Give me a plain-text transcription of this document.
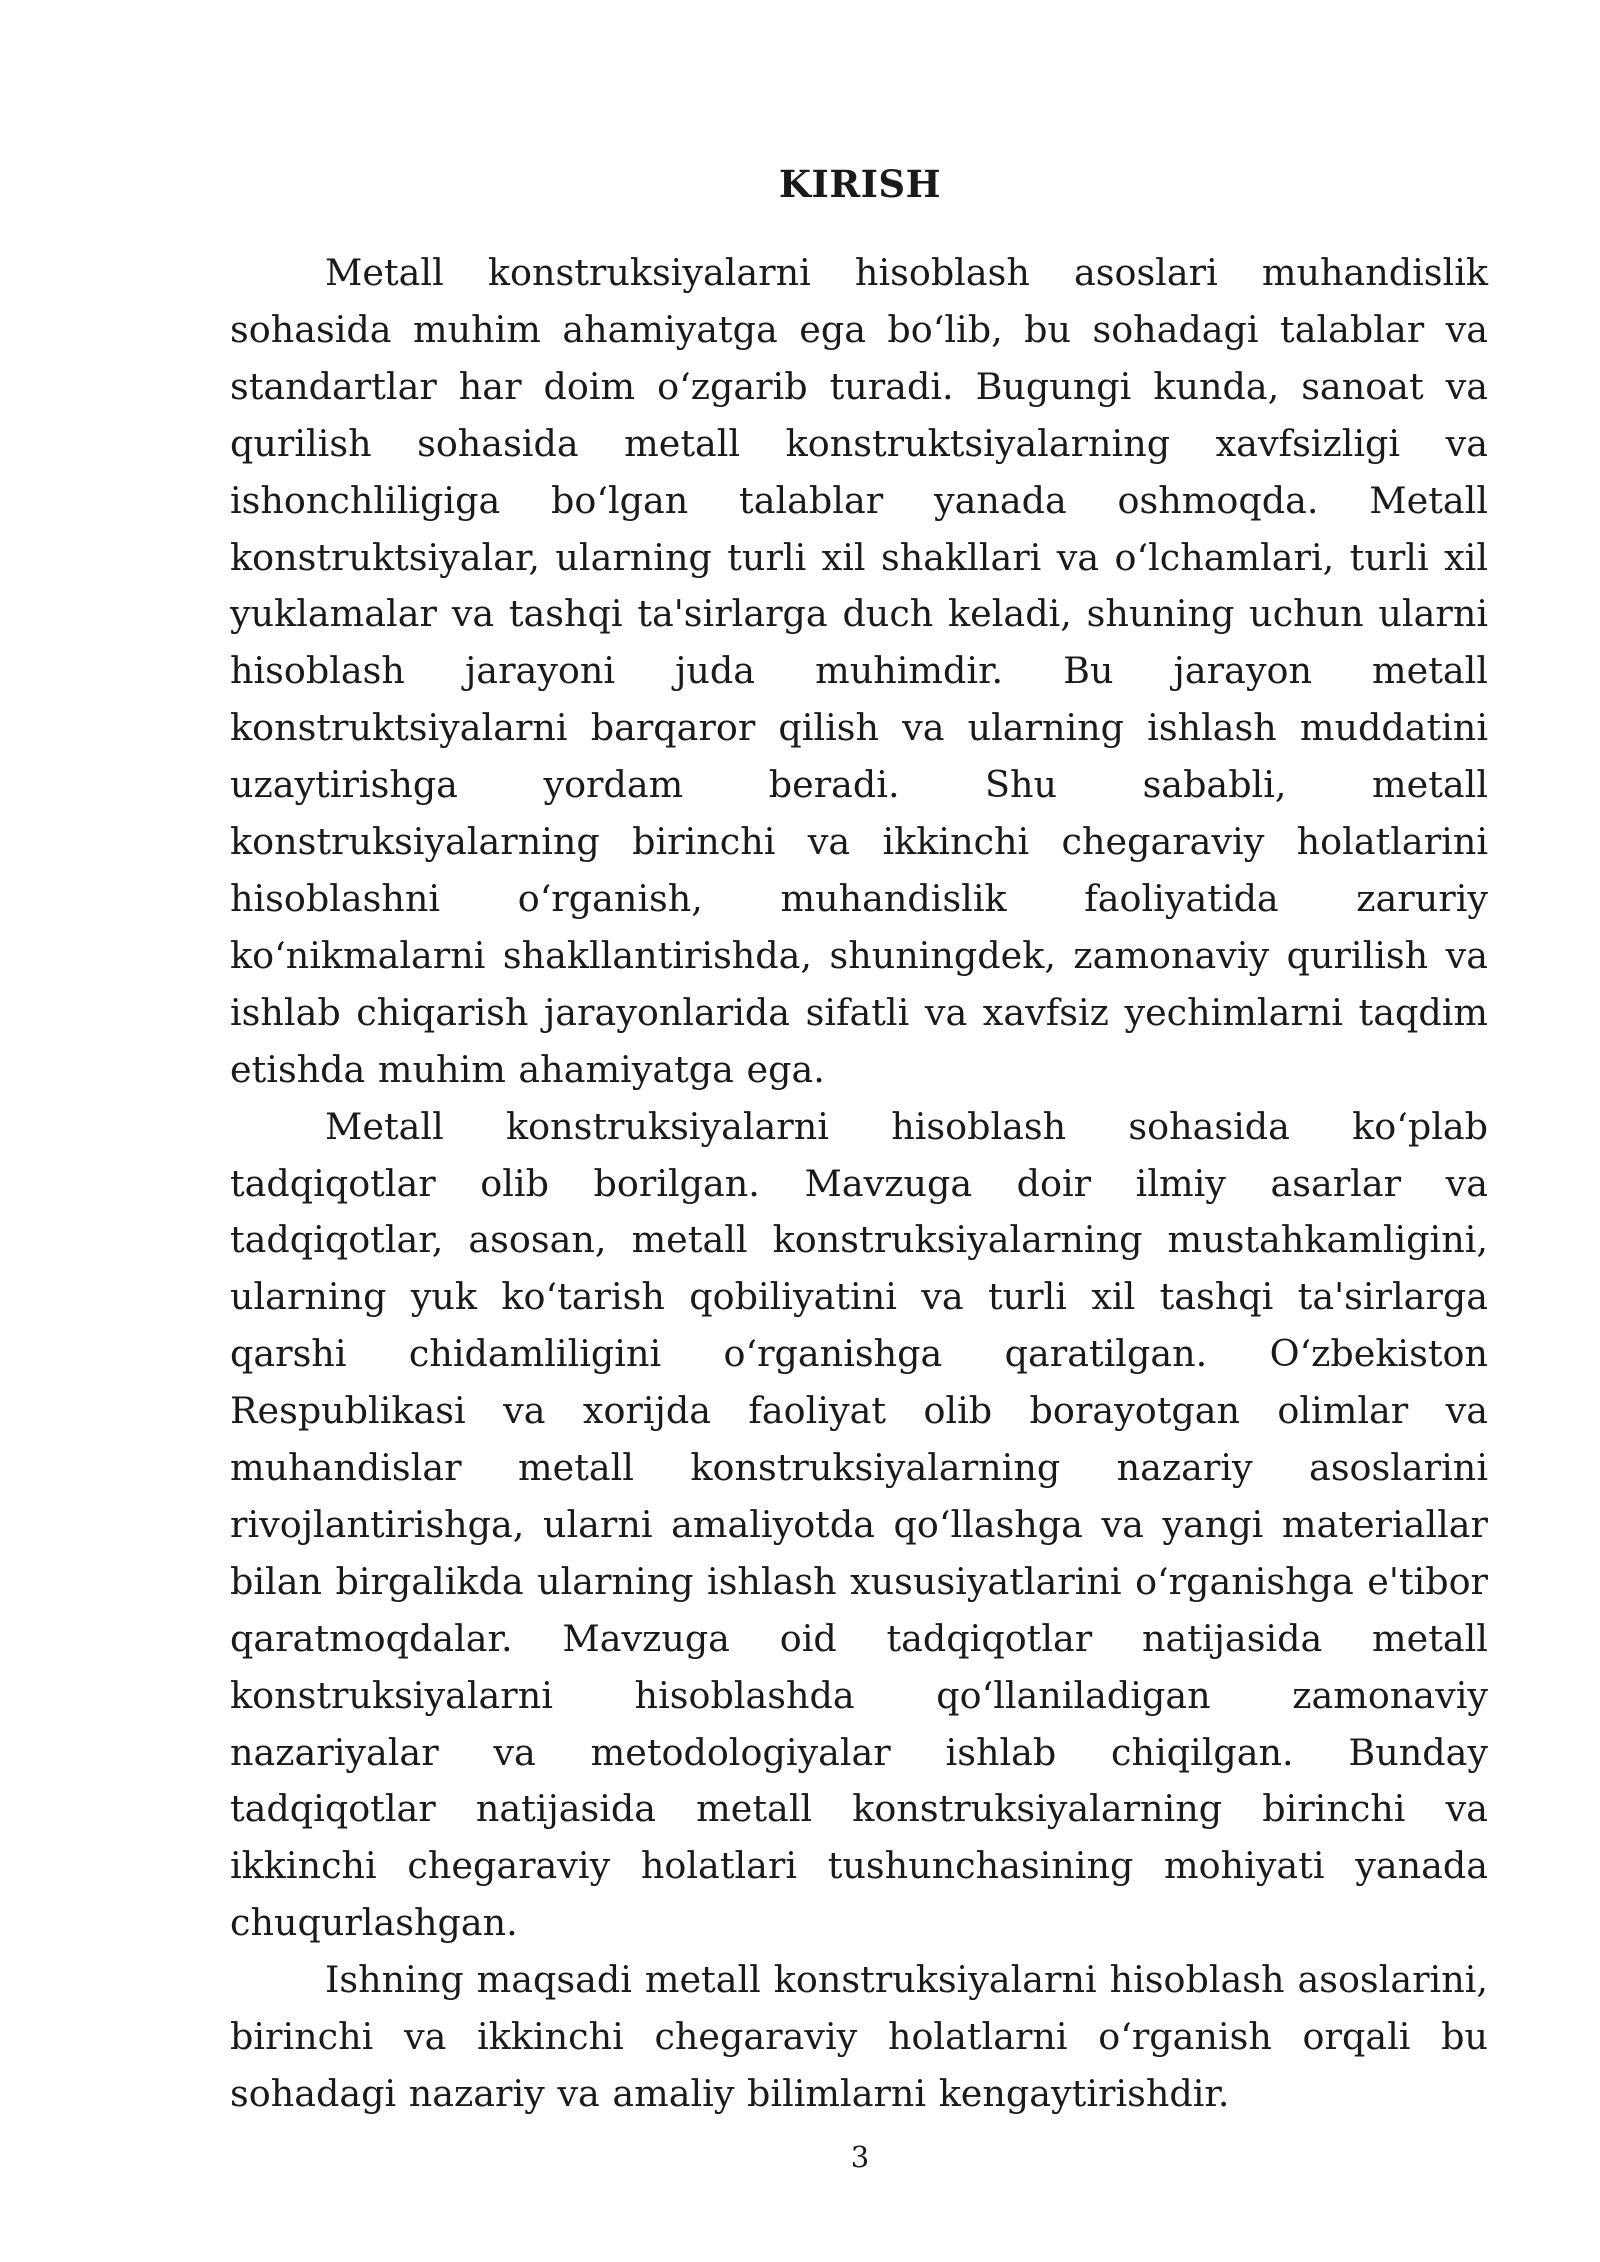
KIRISH

Metall konstruksiyalarni hisoblash asoslari muhandislik sohasida muhim ahamiyatga ega boʻlib, bu sohadagi talablar va standartlar har doim oʻzgarib turadi. Bugungi kunda, sanoat va qurilish sohasida metall konstruktsiyalarning xavfsizligi va ishonchliligiga boʻlgan talablar yanada oshmoqda. Metall konstruktsiyalar, ularning turli xil shakllari va oʻlchamlari, turli xil yuklamalar va tashqi ta'sirlarga duch keladi, shuning uchun ularni hisoblash jarayoni juda muhimdir. Bu jarayon metall konstruktsiyalarni barqaror qilish va ularning ishlash muddatini uzaytirishga yordam beradi. Shu sababli, metall konstruksiyalarning birinchi va ikkinchi chegaraviy holatlarini hisoblashni oʻrganish, muhandislik faoliyatida zaruriy koʻnikmalarni shakllantirishda, shuningdek, zamonaviy qurilish va ishlab chiqarish jarayonlarida sifatli va xavfsiz yechimlarni taqdim etishda muhim ahamiyatga ega.

Metall konstruksiyalarni hisoblash sohasida koʻplab tadqiqotlar olib borilgan. Mavzuga doir ilmiy asarlar va tadqiqotlar, asosan, metall konstruksiyalarning mustahkamligini, ularning yuk koʻtarish qobiliyatini va turli xil tashqi ta'sirlarga qarshi chidamliligini oʻrganishga qaratilgan. Oʻzbekiston Respublikasi va xorijda faoliyat olib borayotgan olimlar va muhandislar metall konstruksiyalarning nazariy asoslarini rivojlantirishga, ularni amaliyotda qoʻllashga va yangi materiallar bilan birgalikda ularning ishlash xususiyatlarini oʻrganishga e'tibor qaratmoqdalar. Mavzuga oid tadqiqotlar natijasida metall konstruksiyalarni hisoblashda qoʻllaniladigan zamonaviy nazariyalar va metodologiyalar ishlab chiqilgan. Bunday tadqiqotlar natijasida metall konstruksiyalarning birinchi va ikkinchi chegaraviy holatlari tushunchasining mohiyati yanada chuqurlashgan.

Ishning maqsadi metall konstruksiyalarni hisoblash asoslarini, birinchi va ikkinchi chegaraviy holatlarni oʻrganish orqali bu sohadagi nazariy va amaliy bilimlarni kengaytirishdir.

3
